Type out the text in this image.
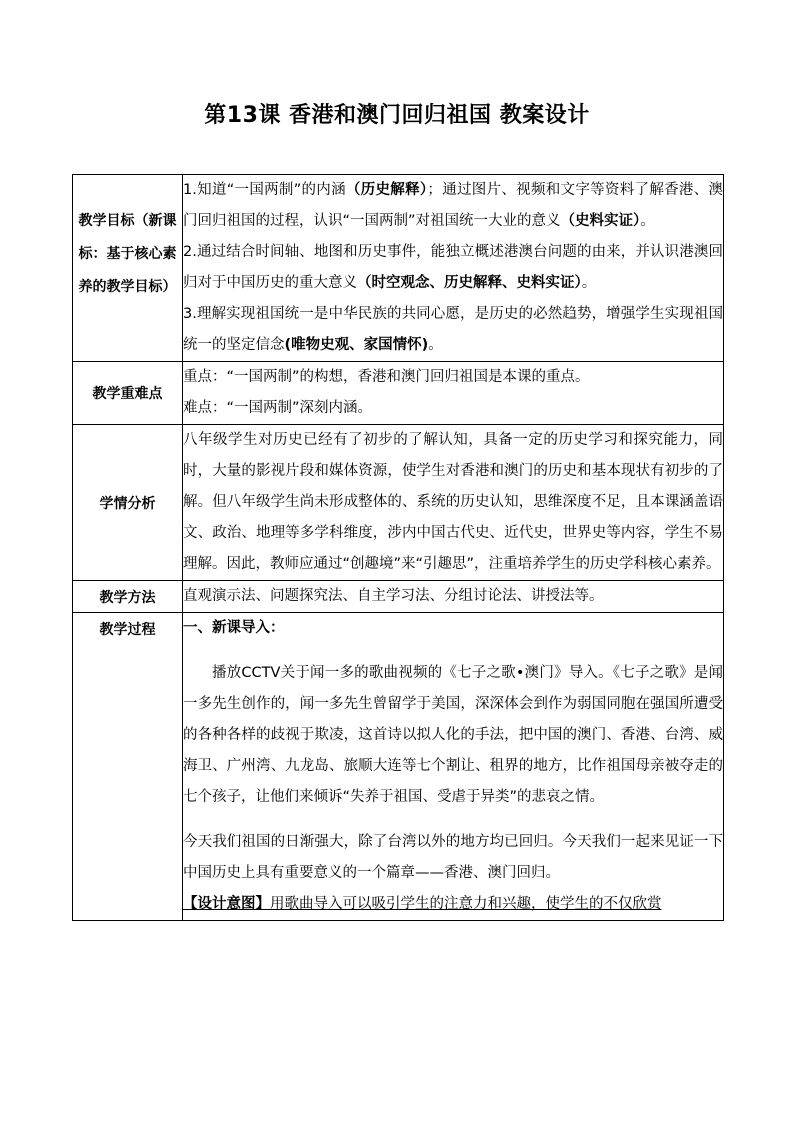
第13课 香港和澳门回归祖国 教案设计
教学目标（新课标：基于核心素养的教学目标）	1.知道“一国两制”的内涵（历史解释）；通过图片、视频和文字等资料了解香港、澳门回归祖国的过程，认识“一国两制”对祖国统一大业的意义（史料实证）。

2.通过结合时间轴、地图和历史事件，能独立概述港澳台问题的由来，并认识港澳回归对于中国历史的重大意义（时空观念、历史解释、史料实证）。

3.理解实现祖国统一是中华民族的共同心愿，是历史的必然趋势，增强学生实现祖国统一的坚定信念(唯物史观、家国情怀)。

教学重难点	重点：“一国两制”的构想，香港和澳门回归祖国是本课的重点。

难点：“一国两制”深刻内涵。

学情分析	八年级学生对历史已经有了初步的了解认知，具备一定的历史学习和探究能力，同时，大量的影视片段和媒体资源，使学生对香港和澳门的历史和基本现状有初步的了解。但八年级学生尚未形成整体的、系统的历史认知，思维深度不足，且本课涵盖语文、政治、地理等多学科维度，涉内中国古代史、近代史，世界史等内容，学生不易理解。因此，教师应通过“创趣境”来“引趣思”，注重培养学生的历史学科核心素养。

教学方法	直观演示法、问题探究法、自主学习法、分组讨论法、讲授法等。

教学过程	一、新课导入：

播放CCTV关于闻一多的歌曲视频的《七子之歌•澳门》导入。《七子之歌》是闻一多先生创作的，闻一多先生曾留学于美国，深深体会到作为弱国同胞在强国所遭受的各种各样的歧视于欺凌，这首诗以拟人化的手法，把中国的澳门、香港、台湾、威海卫、广州湾、九龙岛、旅顺大连等七个割让、租界的地方，比作祖国母亲被夺走的七个孩子，让他们来倾诉“失养于祖国、受虐于异类”的悲哀之情。

今天我们祖国的日渐强大，除了台湾以外的地方均已回归。今天我们一起来见证一下中国历史上具有重要意义的一个篇章——香港、澳门回归。

【设计意图】用歌曲导入可以吸引学生的注意力和兴趣，使学生的不仅欣赏
